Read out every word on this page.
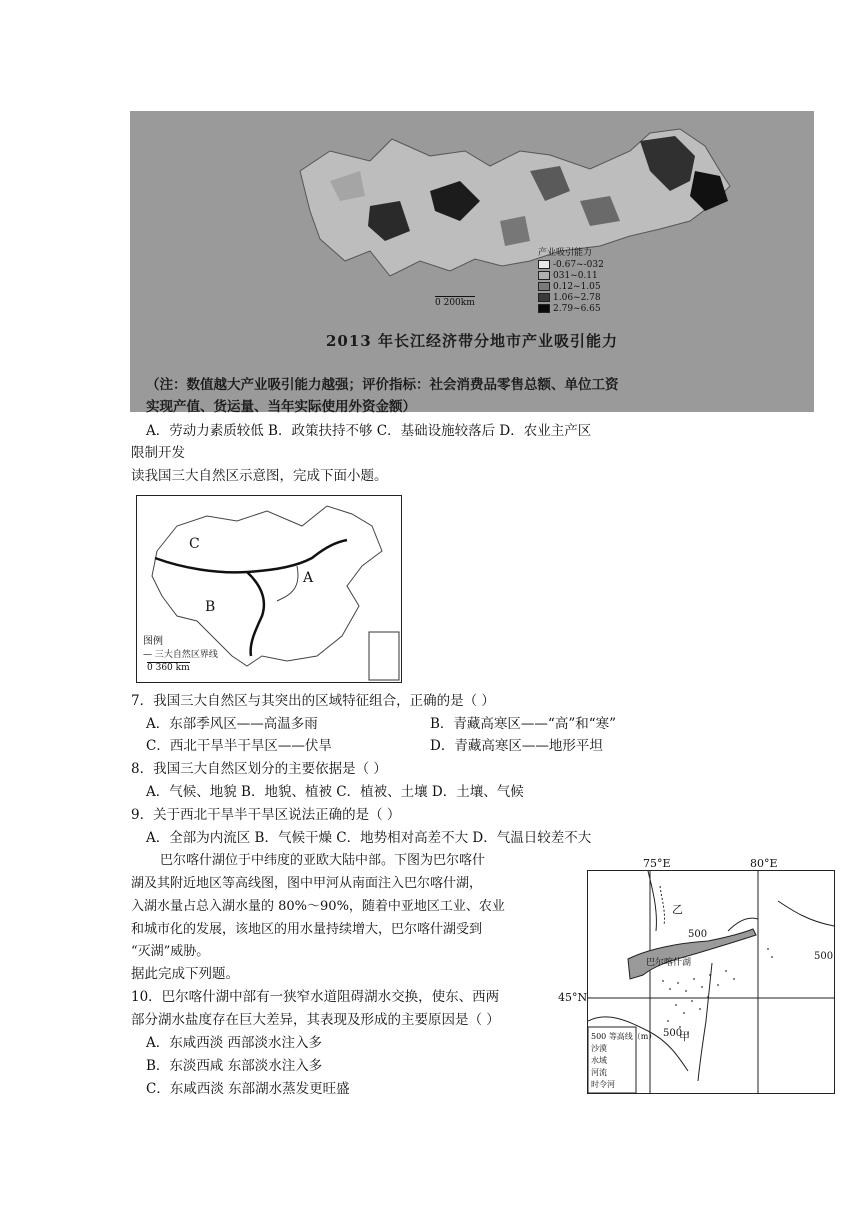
产业吸引能力
-0.67~-032
031~0.11
0.12~1.05
1.06~2.78
2.79~6.65
0 200km
2013 年长江经济带分地市产业吸引能力
（注：数值越大产业吸引能力越强；评价指标：社会消费品零售总额、单位工资
实现产值、货运量、当年实际使用外资金额）
A．劳动力素质较低 B．政策扶持不够 C．基础设施较落后 D．农业主产区
限制开发
读我国三大自然区示意图，完成下面小题。
C
B
A
图例
— 三大自然区界线
0 360 km
7．我国三大自然区与其突出的区域特征组合，正确的是（ ）
A．东部季风区——高温多雨	B．青藏高寒区——“高”和“寒”
C．西北干旱半干旱区——伏旱	D．青藏高寒区——地形平坦
8．我国三大自然区划分的主要依据是（ ）
A．气候、地貌 B．地貌、植被 C．植被、土壤 D．土壤、气候
9．关于西北干旱半干旱区说法正确的是（ ）
A．全部为内流区 B．气候干燥 C．地势相对高差不大 D．气温日较差不大
巴尔喀什湖位于中纬度的亚欧大陆中部。下图为巴尔喀什
湖及其附近地区等高线图，图中甲河从南面注入巴尔喀什湖，
入湖水量占总入湖水量的 80%～90%，随着中亚地区工业、农业
和城市化的发展，该地区的用水量持续增大，巴尔喀什湖受到
“灭湖”威胁。
据此完成下列题。
10．巴尔喀什湖中部有一狭窄水道阻碍湖水交换，使东、西两
部分湖水盐度存在巨大差异，其表现及形成的主要原因是（ ）
A．东咸西淡 西部淡水注入多
B．东淡西咸 东部淡水注入多
C．东咸西淡 东部湖水蒸发更旺盛
75°E	80°E
45°N
乙
500
500
500
巴尔喀什湖
甲
500 等高线（m）
沙漠
水域
河流
时令河
